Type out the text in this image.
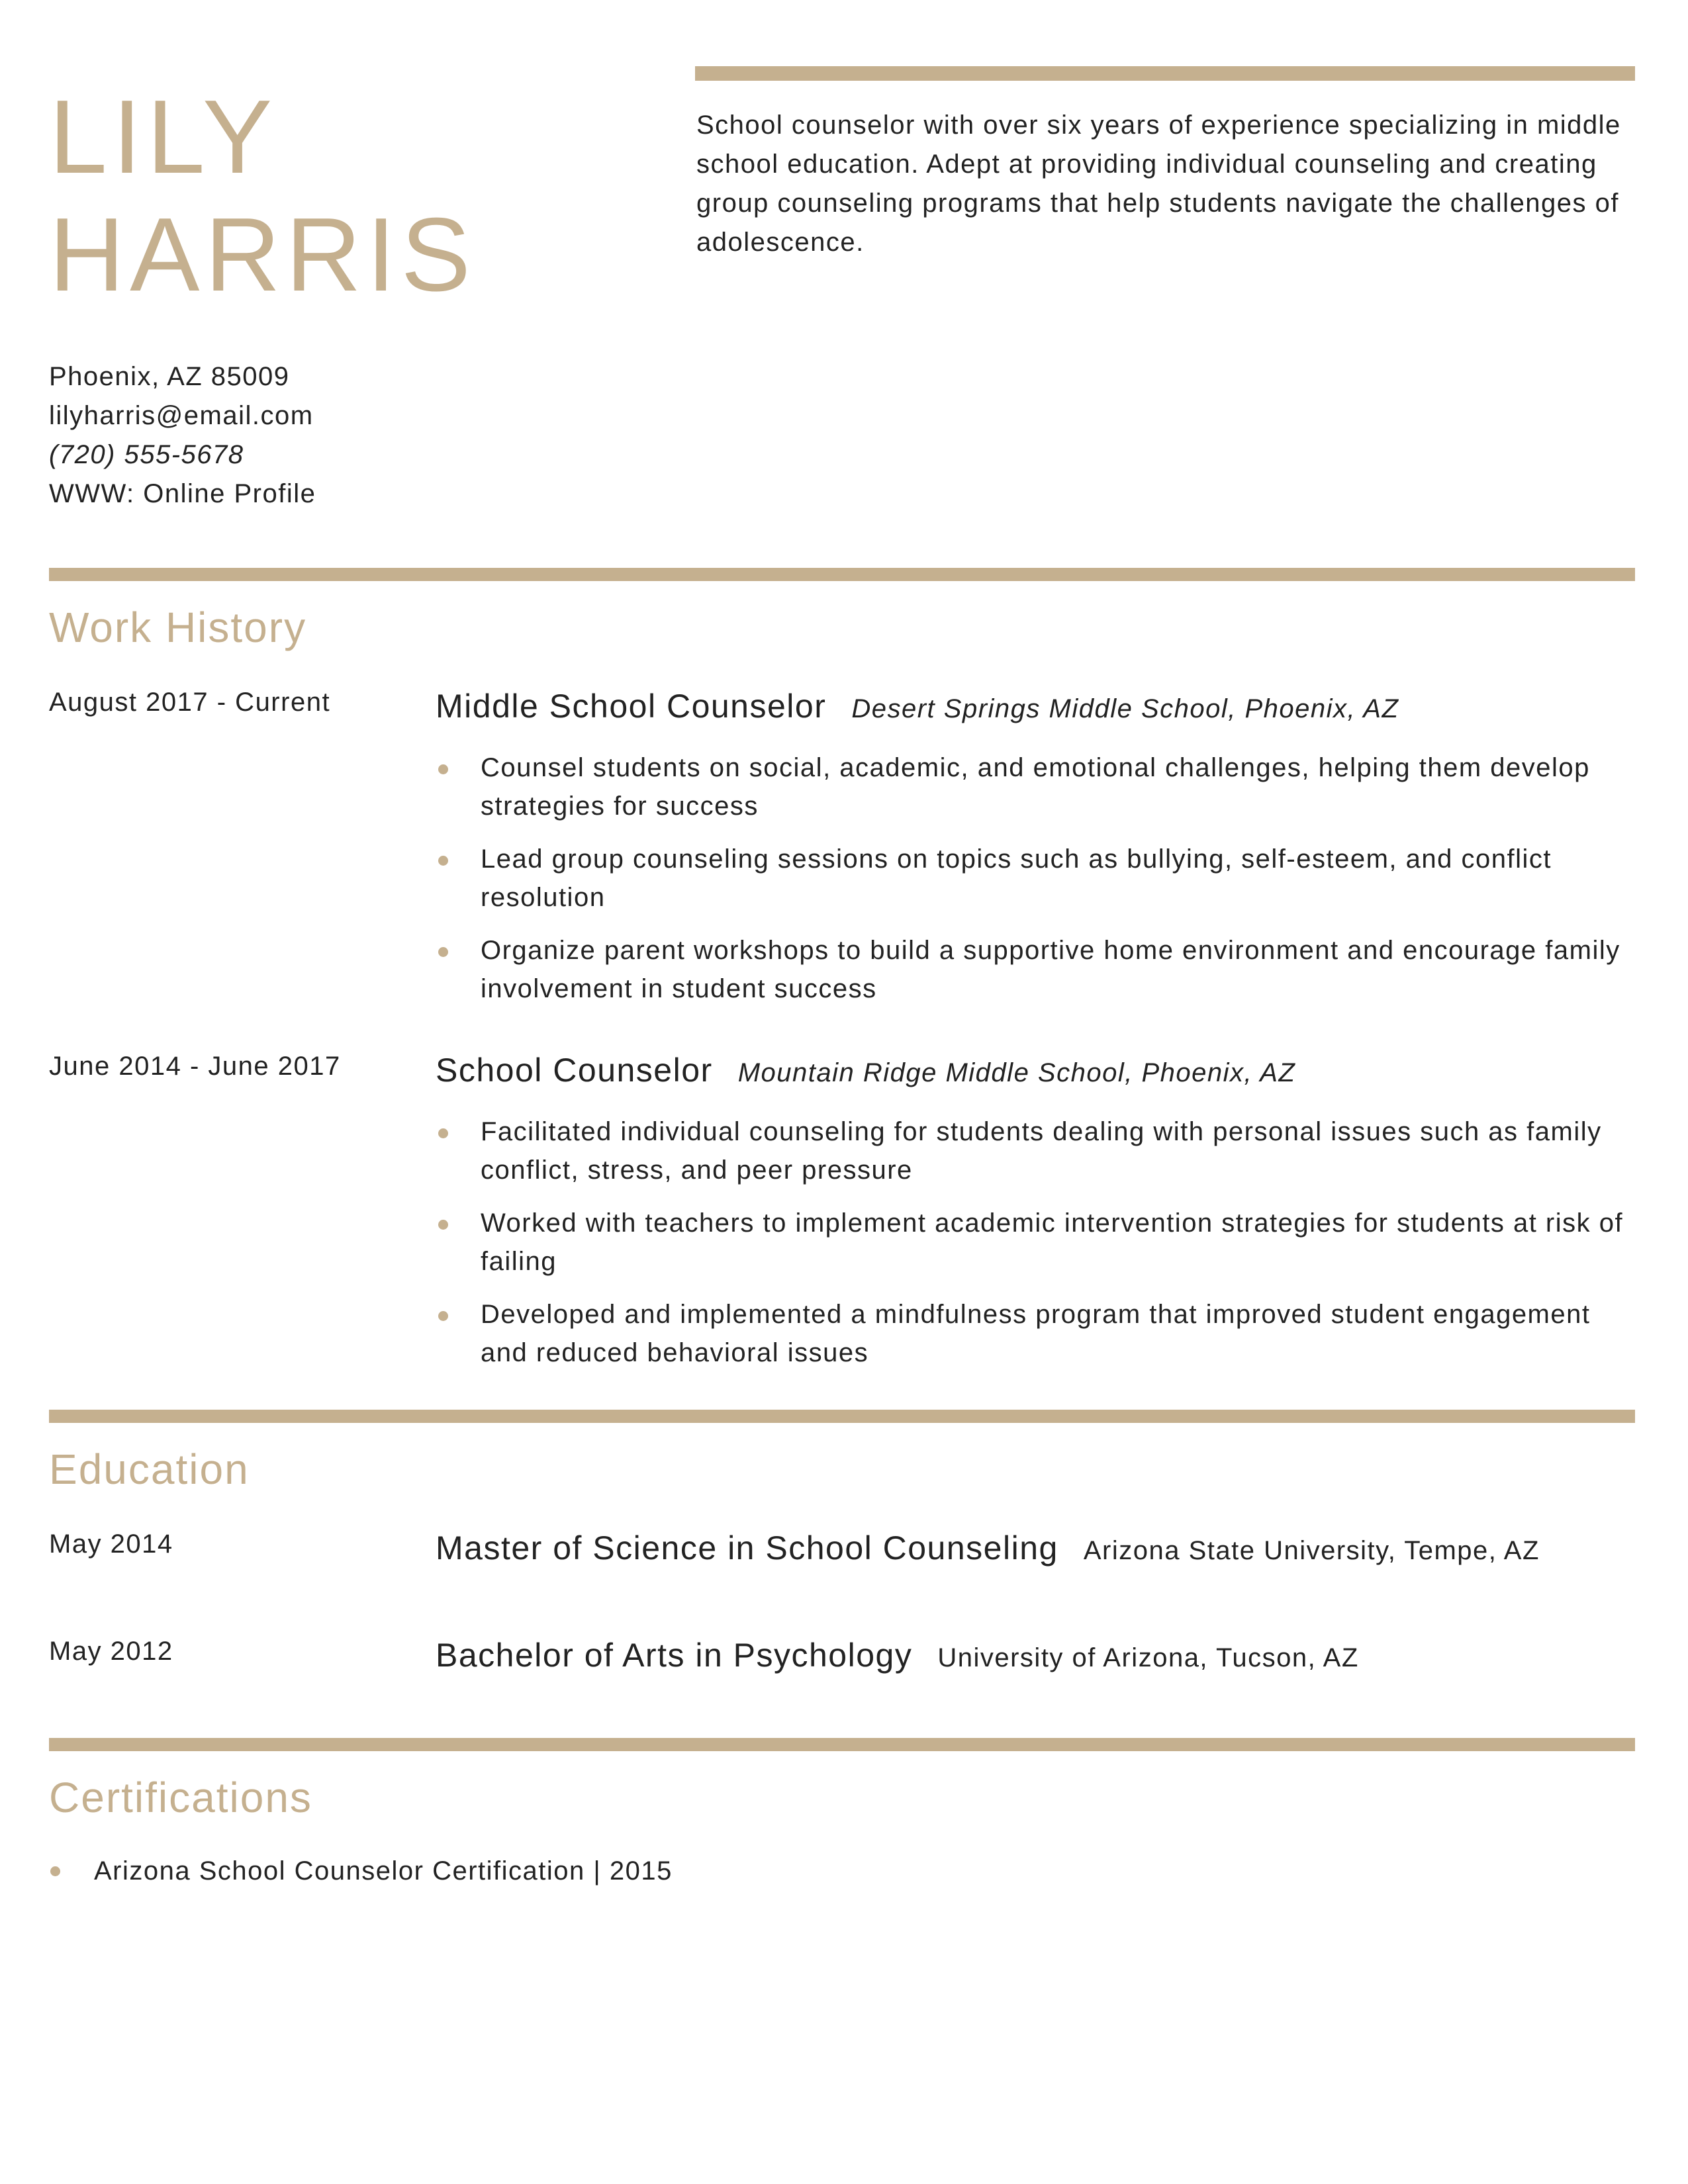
LILY
HARRIS
School counselor with over six years of experience specializing in middle school education. Adept at providing individual counseling and creating group counseling programs that help students navigate the challenges of adolescence.
Phoenix, AZ 85009
lilyharris@email.com
(720) 555-5678
WWW: Online Profile
Work History
August 2017 - Current	Middle School Counselor Desert Springs Middle School, Phoenix, AZ
Counsel students on social, academic, and emotional challenges, helping them develop strategies for success
Lead group counseling sessions on topics such as bullying, self-esteem, and conflict resolution
Organize parent workshops to build a supportive home environment and encourage family involvement in student success
June 2014 - June 2017	School Counselor Mountain Ridge Middle School, Phoenix, AZ
Facilitated individual counseling for students dealing with personal issues such as family conflict, stress, and peer pressure
Worked with teachers to implement academic intervention strategies for students at risk of failing
Developed and implemented a mindfulness program that improved student engagement and reduced behavioral issues
Education
May 2014	Master of Science in School Counseling Arizona State University, Tempe, AZ
May 2012	Bachelor of Arts in Psychology University of Arizona, Tucson, AZ
Certifications
Arizona School Counselor Certification | 2015
